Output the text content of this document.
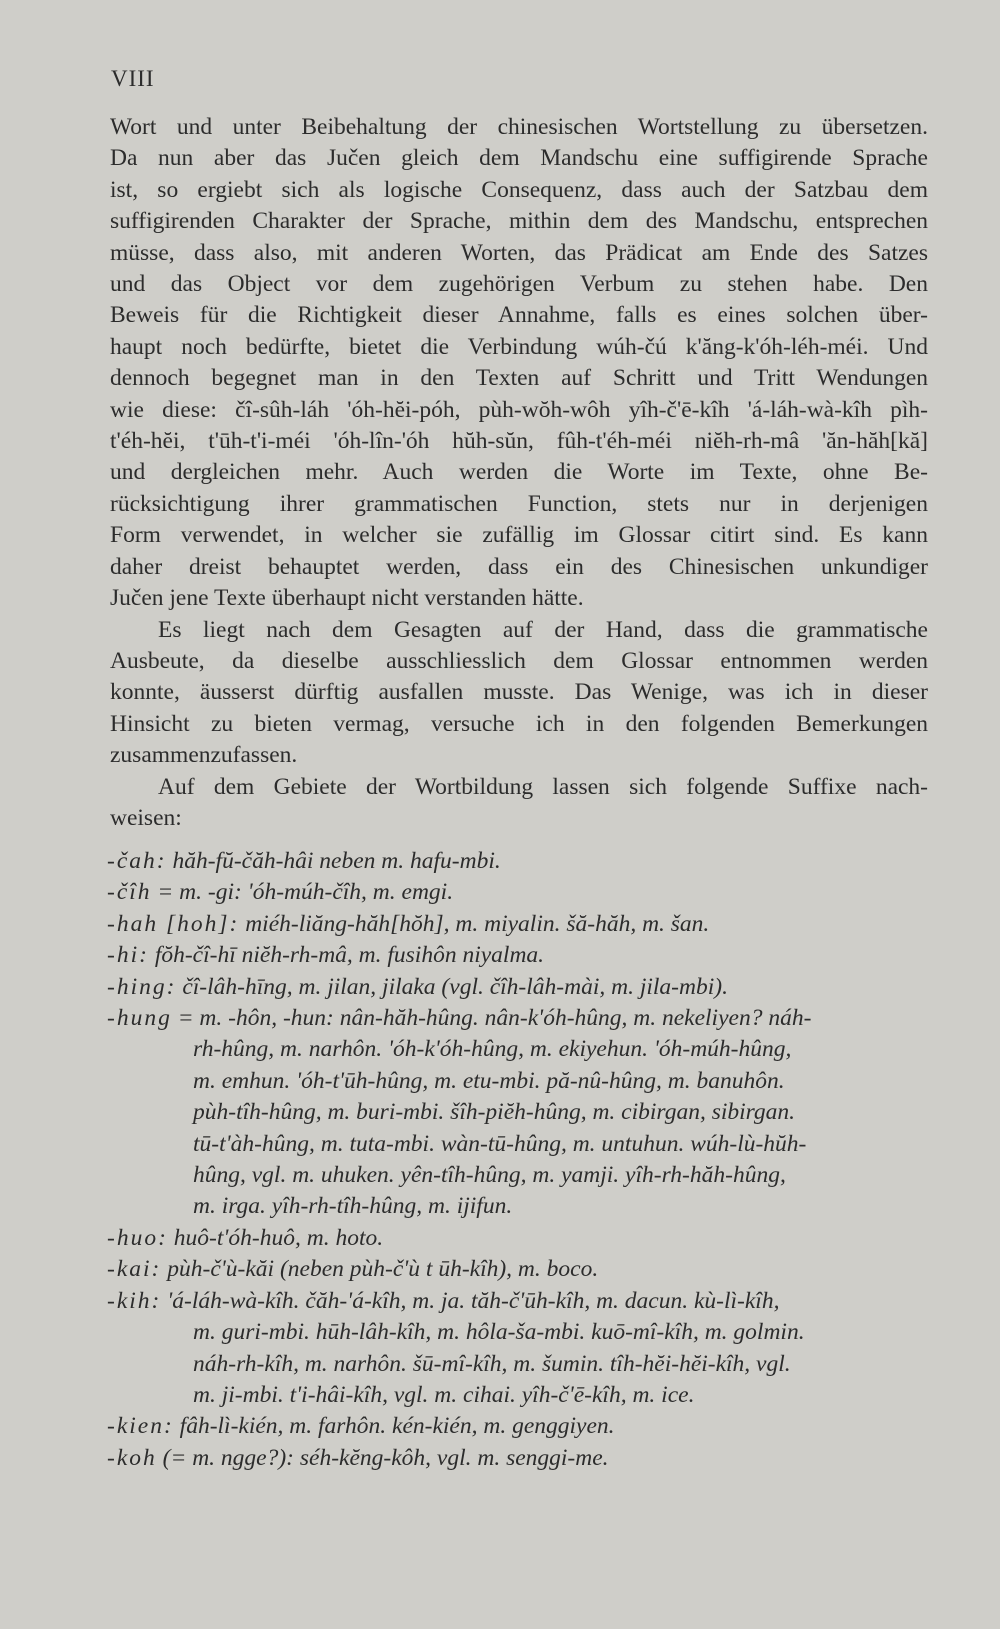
VIII

Wort und unter Beibehaltung der chinesischen Wortstellung zu übersetzen.
Da nun aber das Jučen gleich dem Mandschu eine suffigirende Sprache
ist, so ergiebt sich als logische Consequenz, dass auch der Satzbau dem
suffigirenden Charakter der Sprache, mithin dem des Mandschu, entsprechen
müsse, dass also, mit anderen Worten, das Prädicat am Ende des Satzes
und das Object vor dem zugehörigen Verbum zu stehen habe. Den
Beweis für die Richtigkeit dieser Annahme, falls es eines solchen über-
haupt noch bedürfte, bietet die Verbindung wúh-čú k'ăng-k'óh-léh-méi. Und
dennoch begegnet man in den Texten auf Schritt und Tritt Wendungen
wie diese: čî-sûh-láh 'óh-hĕi-póh, pùh-wŏh-wôh yîh-č'ē-kîh 'á-láh-wà-kîh pìh-
t'éh-hĕi, t'ūh-t'i-méi 'óh-lîn-'óh hŭh-sŭn, fûh-t'éh-méi niĕh-rh-mâ 'ăn-hăh[kă]
und dergleichen mehr. Auch werden die Worte im Texte, ohne Be-
rücksichtigung ihrer grammatischen Function, stets nur in derjenigen
Form verwendet, in welcher sie zufällig im Glossar citirt sind. Es kann
daher dreist behauptet werden, dass ein des Chinesischen unkundiger
Jučen jene Texte überhaupt nicht verstanden hätte.

Es liegt nach dem Gesagten auf der Hand, dass die grammatische
Ausbeute, da dieselbe ausschliesslich dem Glossar entnommen werden
konnte, äusserst dürftig ausfallen musste. Das Wenige, was ich in dieser
Hinsicht zu bieten vermag, versuche ich in den folgenden Bemerkungen
zusammenzufassen.

Auf dem Gebiete der Wortbildung lassen sich folgende Suffixe nach-
weisen:

-čah: hăh-fŭ-čăh-hâi neben m. hafu-mbi.
-čîh = m. -gi: 'óh-múh-čîh, m. emgi.
-hah [hoh]: miéh-liăng-hăh[hŏh], m. miyalin. šă-hăh, m. šan.
-hi: fŏh-čî-hī niĕh-rh-mâ, m. fusihôn niyalma.
-hing: čî-lâh-hīng, m. jilan, jilaka (vgl. čîh-lâh-mài, m. jila-mbi).
-hung = m. -hôn, -hun: nân-hăh-hûng. nân-k'óh-hûng, m. nekeliyen? náh-
rh-hûng, m. narhôn. 'óh-k'óh-hûng, m. ekiyehun. 'óh-múh-hûng,
m. emhun. 'óh-t'ūh-hûng, m. etu-mbi. pă-nû-hûng, m. banuhôn.
pùh-tîh-hûng, m. buri-mbi. šîh-piĕh-hûng, m. cibirgan, sibirgan.
tū-t'àh-hûng, m. tuta-mbi. wàn-tū-hûng, m. untuhun. wúh-lù-hŭh-
hûng, vgl. m. uhuken. yên-tîh-hûng, m. yamji. yîh-rh-hăh-hûng,
m. irga. yîh-rh-tîh-hûng, m. ijifun.
-huo: huô-t'óh-huô, m. hoto.
-kai: pùh-č'ù-kăi (neben pùh-č'ù t ūh-kîh), m. boco.
-kih: 'á-láh-wà-kîh. čăh-'á-kîh, m. ja. tăh-č'ūh-kîh, m. dacun. kù-lì-kîh,
m. guri-mbi. hūh-lâh-kîh, m. hôla-ša-mbi. kuō-mî-kîh, m. golmin.
náh-rh-kîh, m. narhôn. šū-mî-kîh, m. šumin. tîh-hĕi-hĕi-kîh, vgl.
m. ji-mbi. t'i-hâi-kîh, vgl. m. cihai. yîh-č'ē-kîh, m. ice.
-kien: fâh-lì-kién, m. farhôn. kén-kién, m. genggiyen.
-koh (= m. ngge?): séh-kĕng-kôh, vgl. m. senggi-me.
